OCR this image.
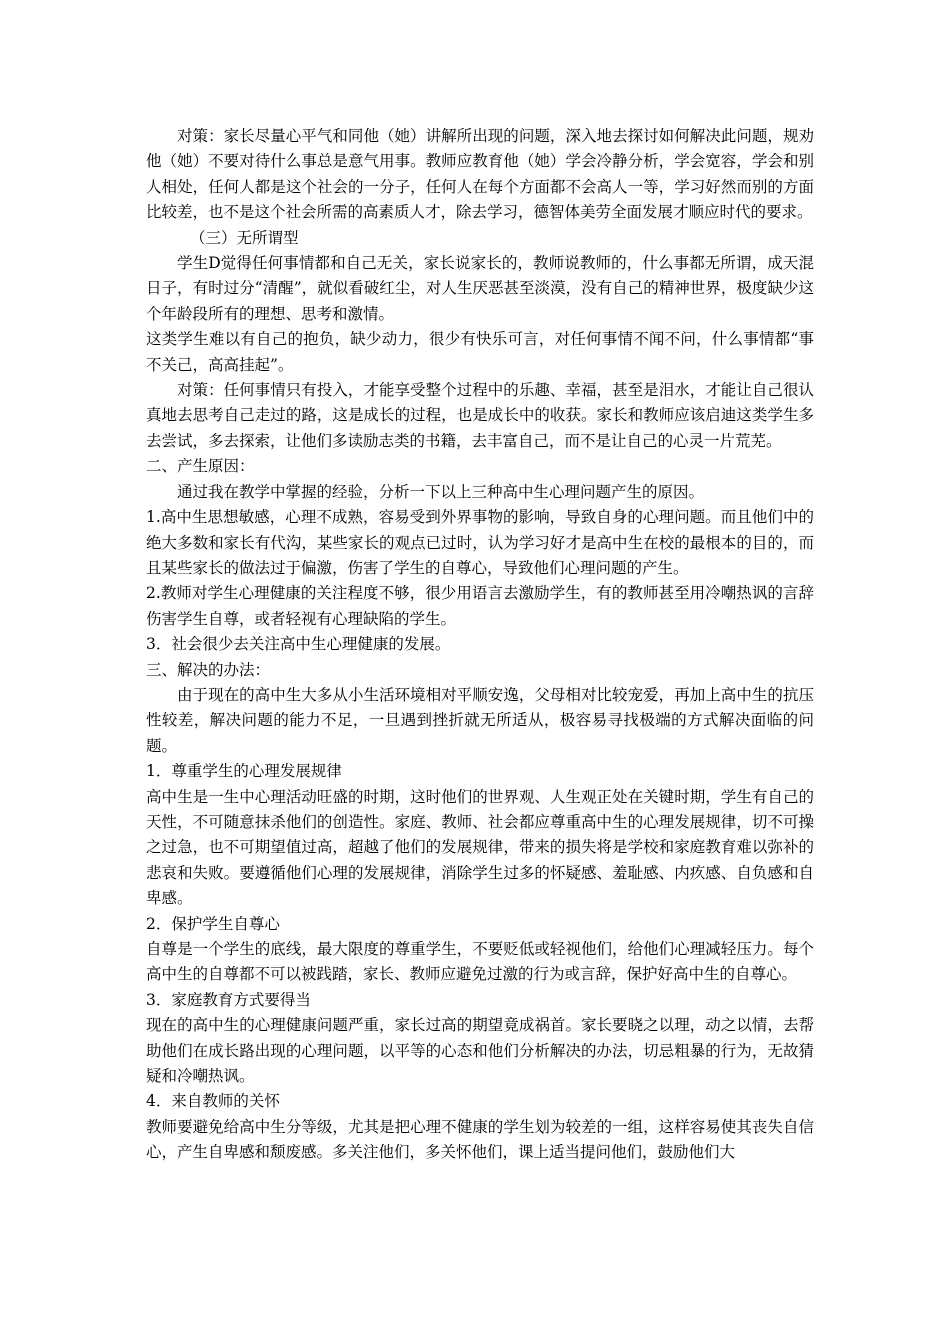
对策：家长尽量心平气和同他（她）讲解所出现的问题，深入地去探讨如何解决此问题，规劝他（她）不要对待什么事总是意气用事。教师应教育他（她）学会冷静分析，学会宽容，学会和别人相处，任何人都是这个社会的一分子，任何人在每个方面都不会高人一等，学习好然而别的方面比较差，也不是这个社会所需的高素质人才，除去学习，德智体美劳全面发展才顺应时代的要求。

（三）无所谓型

学生D觉得任何事情都和自己无关，家长说家长的，教师说教师的，什么事都无所谓，成天混日子，有时过分“清醒”，就似看破红尘，对人生厌恶甚至淡漠，没有自己的精神世界，极度缺少这个年龄段所有的理想、思考和激情。

这类学生难以有自己的抱负，缺少动力，很少有快乐可言，对任何事情不闻不问，什么事情都“事不关己，高高挂起”。

对策：任何事情只有投入，才能享受整个过程中的乐趣、幸福，甚至是泪水，才能让自己很认真地去思考自己走过的路，这是成长的过程，也是成长中的收获。家长和教师应该启迪这类学生多去尝试，多去探索，让他们多读励志类的书籍，去丰富自己，而不是让自己的心灵一片荒芜。

二、产生原因：

通过我在教学中掌握的经验，分析一下以上三种高中生心理问题产生的原因。

1.高中生思想敏感，心理不成熟，容易受到外界事物的影响，导致自身的心理问题。而且他们中的绝大多数和家长有代沟，某些家长的观点已过时，认为学习好才是高中生在校的最根本的目的，而且某些家长的做法过于偏激，伤害了学生的自尊心，导致他们心理问题的产生。

2.教师对学生心理健康的关注程度不够，很少用语言去激励学生，有的教师甚至用冷嘲热讽的言辞伤害学生自尊，或者轻视有心理缺陷的学生。

3．社会很少去关注高中生心理健康的发展。

三、解决的办法：

由于现在的高中生大多从小生活环境相对平顺安逸，父母相对比较宠爱，再加上高中生的抗压性较差，解决问题的能力不足，一旦遇到挫折就无所适从，极容易寻找极端的方式解决面临的问题。

1．尊重学生的心理发展规律

高中生是一生中心理活动旺盛的时期，这时他们的世界观、人生观正处在关键时期，学生有自己的天性，不可随意抹杀他们的创造性。家庭、教师、社会都应尊重高中生的心理发展规律，切不可操之过急，也不可期望值过高，超越了他们的发展规律，带来的损失将是学校和家庭教育难以弥补的悲哀和失败。要遵循他们心理的发展规律，消除学生过多的怀疑感、羞耻感、内疚感、自负感和自卑感。

2．保护学生自尊心

自尊是一个学生的底线，最大限度的尊重学生，不要贬低或轻视他们，给他们心理减轻压力。每个高中生的自尊都不可以被践踏，家长、教师应避免过激的行为或言辞，保护好高中生的自尊心。

3．家庭教育方式要得当

现在的高中生的心理健康问题严重，家长过高的期望竟成祸首。家长要晓之以理，动之以情，去帮助他们在成长路出现的心理问题，以平等的心态和他们分析解决的办法，切忌粗暴的行为，无故猜疑和冷嘲热讽。

4．来自教师的关怀

教师要避免给高中生分等级，尤其是把心理不健康的学生划为较差的一组，这样容易使其丧失自信心，产生自卑感和颓废感。多关注他们，多关怀他们，课上适当提问他们，鼓励他们大
